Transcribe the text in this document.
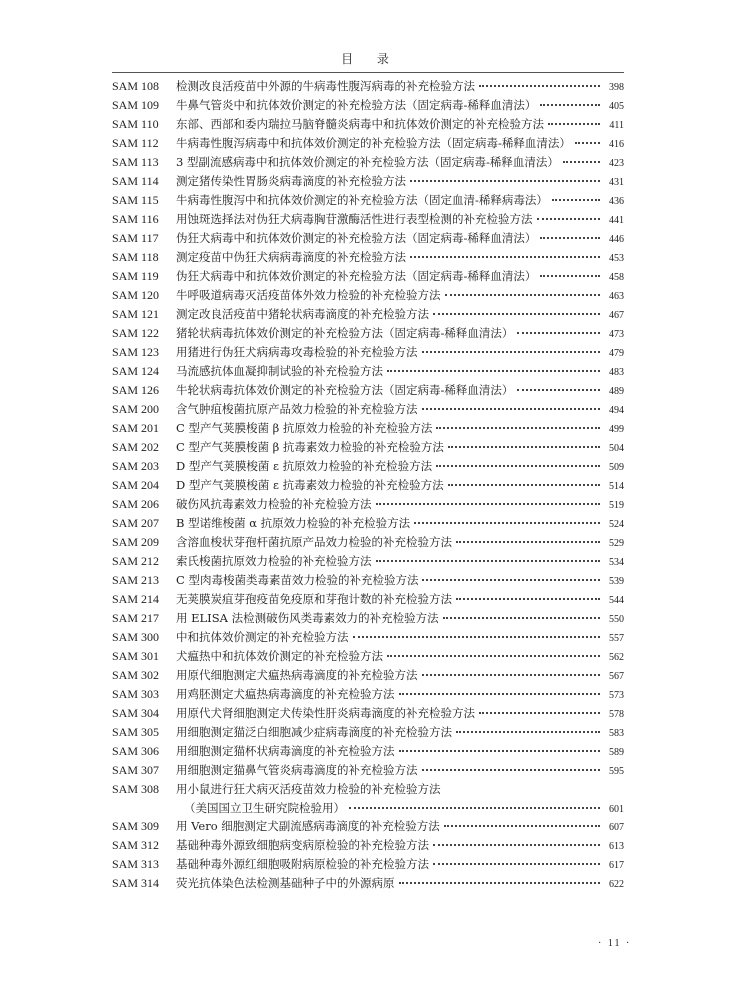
目 录
SAM 108	检测改良活疫苗中外源的牛病毒性腹泻病毒的补充检验方法	398
SAM 109	牛鼻气管炎中和抗体效价测定的补充检验方法（固定病毒-稀释血清法）	405
SAM 110	东部、西部和委内瑞拉马脑脊髓炎病毒中和抗体效价测定的补充检验方法	411
SAM 112	牛病毒性腹泻病毒中和抗体效价测定的补充检验方法（固定病毒-稀释血清法）	416
SAM 113	3 型副流感病毒中和抗体效价测定的补充检验方法（固定病毒-稀释血清法）	423
SAM 114	测定猪传染性胃肠炎病毒滴度的补充检验方法	431
SAM 115	牛病毒性腹泻中和抗体效价测定的补充检验方法（固定血清-稀释病毒法）	436
SAM 116	用蚀斑选择法对伪狂犬病毒胸苷激酶活性进行表型检测的补充检验方法	441
SAM 117	伪狂犬病毒中和抗体效价测定的补充检验方法（固定病毒-稀释血清法）	446
SAM 118	测定疫苗中伪狂犬病病毒滴度的补充检验方法	453
SAM 119	伪狂犬病毒中和抗体效价测定的补充检验方法（固定病毒-稀释血清法）	458
SAM 120	牛呼吸道病毒灭活疫苗体外效力检验的补充检验方法	463
SAM 121	测定改良活疫苗中猪轮状病毒滴度的补充检验方法	467
SAM 122	猪轮状病毒抗体效价测定的补充检验方法（固定病毒-稀释血清法）	473
SAM 123	用猪进行伪狂犬病病毒攻毒检验的补充检验方法	479
SAM 124	马流感抗体血凝抑制试验的补充检验方法	483
SAM 126	牛轮状病毒抗体效价测定的补充检验方法（固定病毒-稀释血清法）	489
SAM 200	含气肿疽梭菌抗原产品效力检验的补充检验方法	494
SAM 201	C 型产气荚膜梭菌 β 抗原效力检验的补充检验方法	499
SAM 202	C 型产气荚膜梭菌 β 抗毒素效力检验的补充检验方法	504
SAM 203	D 型产气荚膜梭菌 ε 抗原效力检验的补充检验方法	509
SAM 204	D 型产气荚膜梭菌 ε 抗毒素效力检验的补充检验方法	514
SAM 206	破伤风抗毒素效力检验的补充检验方法	519
SAM 207	B 型诺维梭菌 α 抗原效力检验的补充检验方法	524
SAM 209	含溶血梭状芽孢杆菌抗原产品效力检验的补充检验方法	529
SAM 212	索氏梭菌抗原效力检验的补充检验方法	534
SAM 213	C 型肉毒梭菌类毒素苗效力检验的补充检验方法	539
SAM 214	无荚膜炭疽芽孢疫苗免疫原和芽孢计数的补充检验方法	544
SAM 217	用 ELISA 法检测破伤风类毒素效力的补充检验方法	550
SAM 300	中和抗体效价测定的补充检验方法	557
SAM 301	犬瘟热中和抗体效价测定的补充检验方法	562
SAM 302	用原代细胞测定犬瘟热病毒滴度的补充检验方法	567
SAM 303	用鸡胚测定犬瘟热病毒滴度的补充检验方法	573
SAM 304	用原代犬肾细胞测定犬传染性肝炎病毒滴度的补充检验方法	578
SAM 305	用细胞测定猫泛白细胞减少症病毒滴度的补充检验方法	583
SAM 306	用细胞测定猫杯状病毒滴度的补充检验方法	589
SAM 307	用细胞测定猫鼻气管炎病毒滴度的补充检验方法	595
SAM 308	用小鼠进行狂犬病灭活疫苗效力检验的补充检验方法
（美国国立卫生研究院检验用）	601
SAM 309	用 Vero 细胞测定犬副流感病毒滴度的补充检验方法	607
SAM 312	基础种毒外源致细胞病变病原检验的补充检验方法	613
SAM 313	基础种毒外源红细胞吸附病原检验的补充检验方法	617
SAM 314	荧光抗体染色法检测基础种子中的外源病原	622
· 11 ·
